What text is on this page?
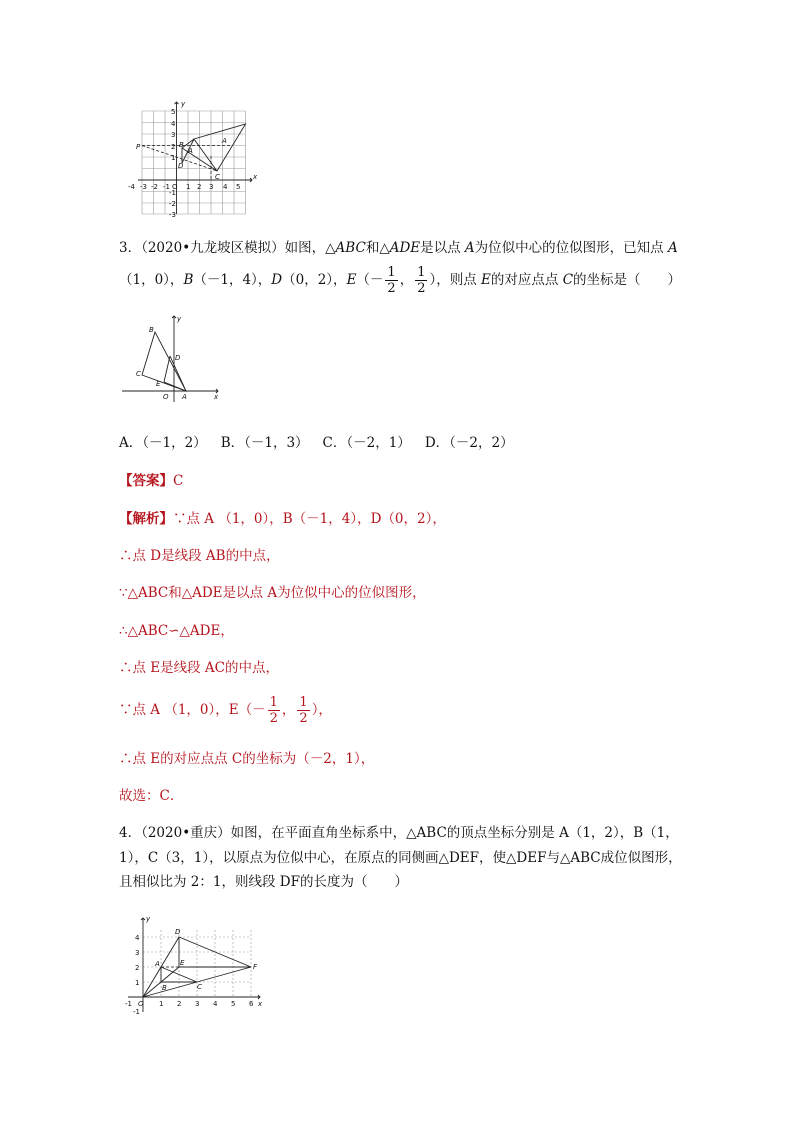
y
x
-4 -3 -2 -1 O 1 2 3 4 5
5
4
3
2
1
-1
-2
-3
P	B	A
D
C
A
3．（2020•九龙坡区模拟）如图，△ABC和△ADE是以点 A为位似中心的位似图形，已知点 A
（1，0），B（－1，4），D（0，2），$E(- \frac{1}{2}$ ， $\frac{1}{2}$ ），则点 E的对应点点 C的坐标是（　　）
B
C
D
E
O A	x
y
A．（－1，2） B．（－1，3） C．（－2，1） D．（－2，2）
【答案】C
【解析】∵点 A （1，0），B（－1，4），D（0，2），
∴点 D是线段 AB的中点，
∵△ABC和△ADE是以点 A为位似中心的位似图形，
∴△ABC∽△ADE，
∴点 E是线段 AC的中点，
∵点 A （1，0），$E(- \frac{1}{2}$ ， $\frac{1}{2}$ ），
∴点 E的对应点点 C的坐标为（－2，1），
故选：C．
4．（2020•重庆）如图，在平面直角坐标系中，△ABC的顶点坐标分别是 A（1，2），B（1，
1），C（3，1），以原点为位似中心，在原点的同侧画△DEF，使△DEF与△ABC成位似图形，
且相似比为 2：1，则线段 DF的长度为（　　）
-1 O 1 2 3 4 5 6
4
3
2
1
-1
D
E
A
B	C
F
x
y
